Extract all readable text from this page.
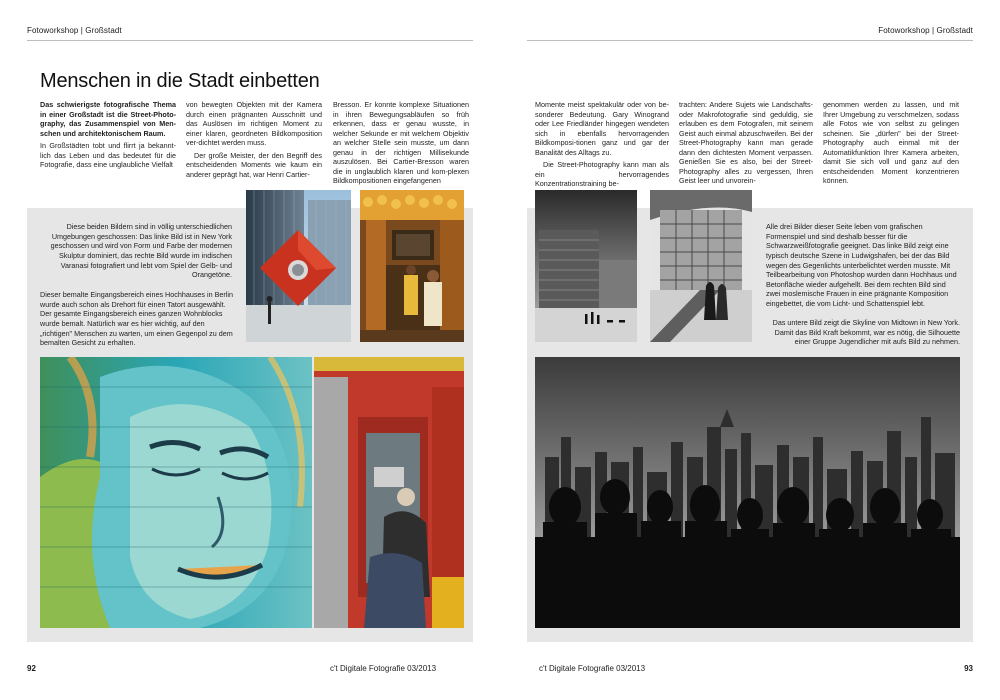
Fotoworkshop | Großstadt	Fotoworkshop | Großstadt
Menschen in die Stadt einbetten

Das schwierigste fotografische Thema in einer Großstadt ist die Street-Photo-graphy, das Zusammenspiel von Men-schen und architektonischem Raum.

In Großstädten tobt und flirrt ja bekannt-lich das Leben und das bedeutet für die Fotografie, dass eine unglaubliche Vielfalt

von bewegten Objekten mit der Kamera durch einen prägnanten Ausschnitt und das Auslösen im richtigen Moment zu einer klaren, geordneten Bildkomposition ver-dichtet werden muss.

Der große Meister, der den Begriff des entscheidenden Moments wie kaum ein anderer geprägt hat, war Henri Cartier-

Bresson. Er konnte komplexe Situationen in ihren Bewegungsabläufen so früh erkennen, dass er genau wusste, in welcher Sekunde er mit welchem Objektiv an welcher Stelle sein musste, um dann genau in der richtigen Millisekunde auszulösen. Bei Cartier-Bresson waren die in unglaublich klaren und kom-plexen Bildkompositionen eingefangenen

Momente meist spektakulär oder von be-sonderer Bedeutung. Gary Winogrand oder Lee Friedländer hingegen wendeten sich in ebenfalls hervorragenden Bildkomposi-tionen ganz und gar der Banalität des Alltags zu.

Die Street-Photography kann man als ein hervorragendes Konzentrationstraining be-

trachten: Andere Sujets wie Landschafts- oder Makrofotografie sind geduldig, sie erlauben es dem Fotografen, mit seinem Geist auch einmal abzuschweifen. Bei der Street-Photography kann man gerade dann den dichtesten Moment verpassen. Genießen Sie es also, bei der Street-Photography alles zu vergessen, Ihren Geist leer und unvorein-

genommen werden zu lassen, und mit Ihrer Umgebung zu verschmelzen, sodass alle Fotos wie von selbst zu gelingen scheinen. Sie „dürfen" bei der Street-Photography auch einmal mit der Automatikfunktion Ihrer Kamera arbeiten, damit Sie sich voll und ganz auf den entscheidenden Moment konzentrieren können.

Diese beiden Bildern sind in völlig unterschiedlichen Umgebungen geschossen: Das linke Bild ist in New York geschossen und wird von Form und Farbe der modernen Skulptur dominiert, das rechte Bild wurde im indischen Varanasi fotografiert und lebt vom Spiel der Gelb- und Orangetöne.
Dieser bemalte Eingangsbereich eines Hochhauses in Berlin wurde auch schon als Drehort für einen Tatort ausgewählt. Der gesamte Eingangsbereich eines ganzen Wohnblocks wurde bemalt. Natürlich war es hier wichtig, auf den „richtigen" Menschen zu warten, um einen Gegenpol zu dem bemalten Gesicht zu erhalten.
Alle drei Bilder dieser Seite leben vom grafischen Formenspiel und sind deshalb besser für die Schwarzweißfotografie geeignet. Das linke Bild zeigt eine typisch deutsche Szene in Ludwigshafen, bei der das Bild wegen des Gegenlichts unterbelichtet werden musste. Mit Teilbearbeitung von Photoshop wurden dann Hochhaus und Betonfläche wieder aufgehellt. Bei dem rechten Bild sind zwei moslemische Frauen in eine prägnante Komposition eingebettet, die vom Licht- und Schattenspiel lebt.
Das untere Bild zeigt die Skyline von Midtown in New York. Damit das Bild Kraft bekommt, war es nötig, die Silhouette einer Gruppe Jugendlicher mit aufs Bild zu nehmen.
92	c't Digitale Fotografie 03/2013	c't Digitale Fotografie 03/2013	93
